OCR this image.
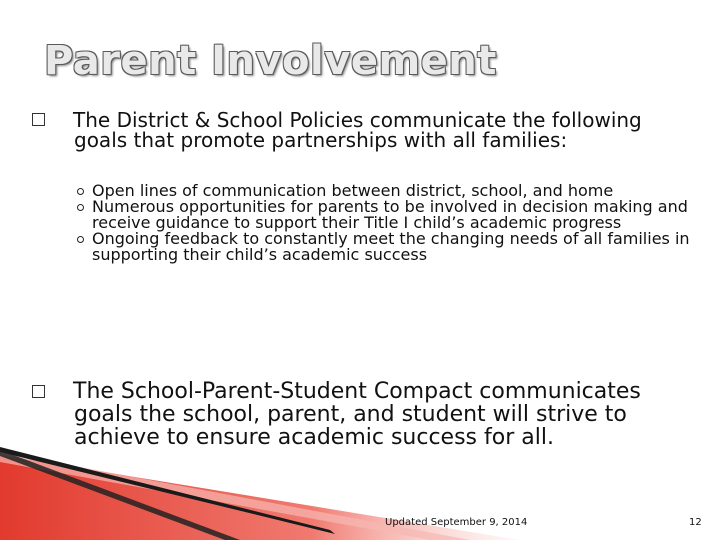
Parent Involvement
The District & School Policies communicate the following goals that promote partnerships with all families:
Open lines of communication between district, school, and home
Numerous opportunities for parents to be involved in decision making and receive guidance to support their Title I child’s academic progress
Ongoing feedback to constantly meet the changing needs of all families in supporting their child’s academic success
The School-Parent-Student Compact communicates goals the school, parent, and student will strive to achieve to ensure academic success for all.
Updated September 9, 2014	12
